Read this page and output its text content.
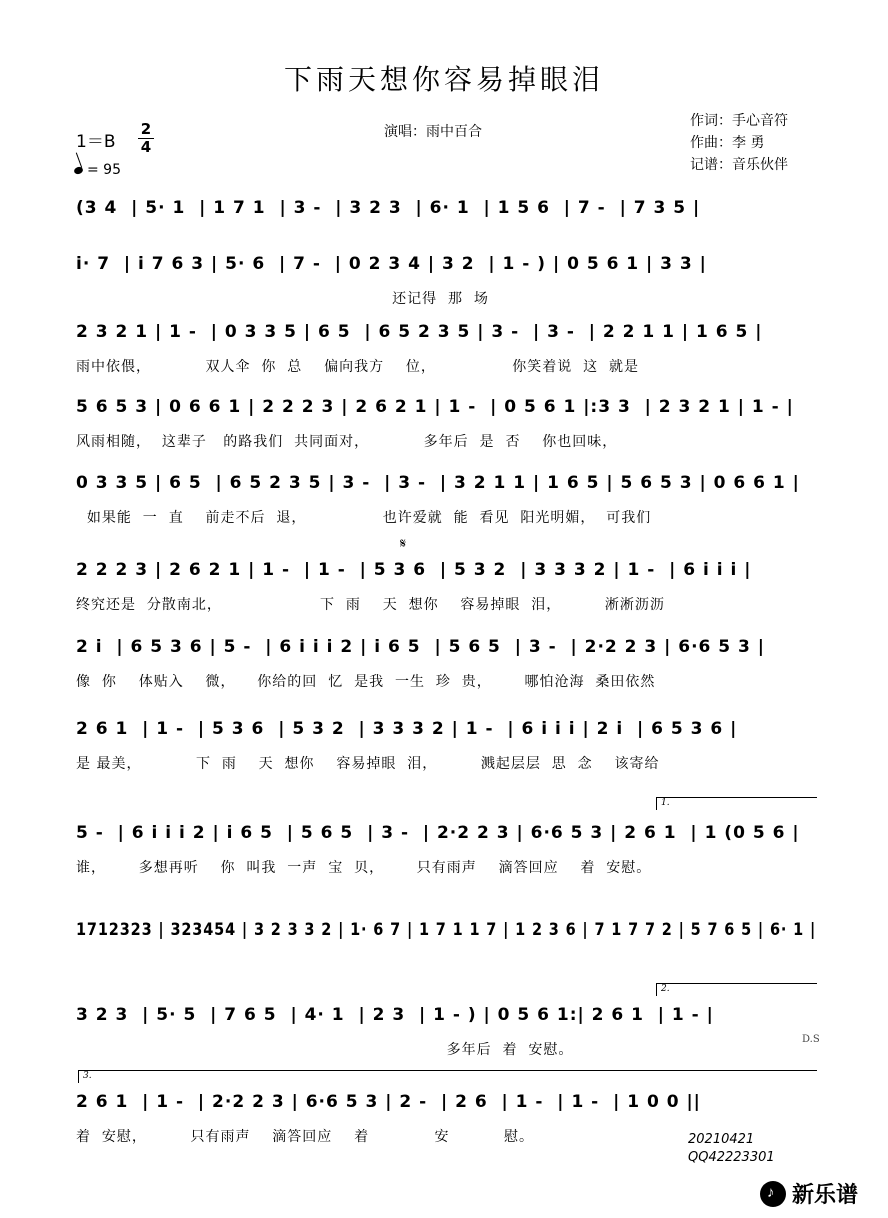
下雨天想你容易掉眼泪
1＝B
2
4
= 95
演唱：雨中百合
作词：手心音符
作曲：李 勇
记谱：音乐伙伴
(3 4  | 5· 1  | 1 7 1  | 3 -  | 3 2 3  | 6· 1  | 1 5 6  | 7 -  | 7 3 5 |
i· 7  | i 7 6 3 | 5· 6  | 7 -  | 0 2 3 4 | 3 2  | 1 - ) | 0 5 6 1 | 3 3 |
还记得  那  场
2 3 2 1 | 1 -  | 0 3 3 5 | 6 5  | 6 5 2 3 5 | 3 -  | 3 -  | 2 2 1 1 | 1 6 5 |
雨中依偎，          双人伞  你  总    偏向我方    位，              你笑着说  这  就是
5 6 5 3 | 0 6 6 1 | 2 2 2 3 | 2 6 2 1 | 1 -  | 0 5 6 1 |:3 3  | 2 3 2 1 | 1 - |
风雨相随，  这辈子   的路我们  共同面对，          多年后  是  否    你也回味，
0 3 3 5 | 6 5  | 6 5 2 3 5 | 3 -  | 3 -  | 3 2 1 1 | 1 6 5 | 5 6 5 3 | 0 6 6 1 |
如果能  一  直    前走不后  退，              也许爱就  能  看见  阳光明媚，  可我们
2 2 2 3 | 2 6 2 1 | 1 -  | 1 -  | 5 3 6  | 5 3 2  | 3 3 3 2 | 1 -  | 6 i i i |
终究还是  分散南北，                  下  雨    天  想你    容易掉眼  泪，        淅淅沥沥
2 i  | 6 5 3 6 | 5 -  | 6 i i i 2 | i 6 5  | 5 6 5  | 3 -  | 2·2 2 3 | 6·6 5 3 |
像  你    体贴入    微，    你给的回  忆  是我  一生  珍  贵，      哪怕沧海  桑田依然
2 6 1  | 1 -  | 5 3 6  | 5 3 2  | 3 3 3 2 | 1 -  | 6 i i i | 2 i  | 6 5 3 6 |
是 最美，          下  雨    天  想你    容易掉眼  泪，        溅起层层  思  念    该寄给
5 -  | 6 i i i 2 | i 6 5  | 5 6 5  | 3 -  | 2·2 2 3 | 6·6 5 3 | 2 6 1  | 1 (0 5 6 |
谁，      多想再听    你  叫我  一声  宝  贝，      只有雨声    滴答回应    着  安慰。
1712323 | 323454 | 3 2 3 3 2 | 1· 6 7 | 1 7 1 1 7 | 1 2 3 6 | 7 1 7 7 2 | 5 7 6 5 | 6· 1 |
3 2 3  | 5· 5  | 7 6 5  | 4· 1  | 2 3  | 1 - ) | 0 5 6 1:| 2 6 1  | 1 - |
多年后  着  安慰。
2 6 1  | 1 -  | 2·2 2 3 | 6·6 5 3 | 2 -  | 2 6  | 1 -  | 1 -  | 1 0 0 ||
着  安慰，        只有雨声    滴答回应    着            安          慰。
𝄋
D.S
1.
2.
3.
20210421
QQ42223301
♪
新乐谱
